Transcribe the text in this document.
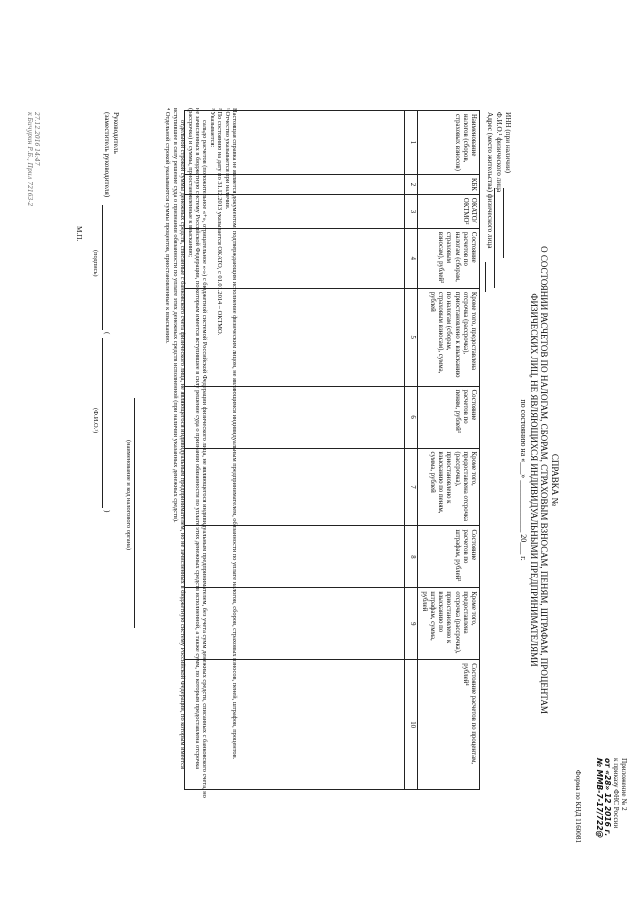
Приложение № 2
к приказу ФНС России
от «28» 12 2016 г.
№ ММВ-7-17/722@
Форма по КНД 1160081
СПРАВКА №
О СОСТОЯНИИ РАСЧЕТОВ ПО НАЛОГАМ, СБОРАМ, СТРАХОВЫМ ВЗНОСАМ, ПЕНЯМ, ШТРАФАМ, ПРОЦЕНТАМ
ФИЗИЧЕСКИХ ЛИЦ, НЕ ЯВЛЯЮЩИХСЯ ИНДИВИДУАЛЬНЫМИ ПРЕДПРИНИМАТЕЛЯМИ
по состоянию на «___» _____________ 20___ г.
ИНН (при наличии)
Ф.И.О.¹ физического лица
Адрес (место жительства) физического лица
Наименование налогов (сборов, страховых взносов)	КБК	ОКАТО/ ОКТМО²	Состояние расчетов по налогам (сборам, страховым взносам), рублей³	Кроме того, предоставлена отсрочка (рассрочка), приостановлено к взысканию по налогам (сборам, страховым взносам), сумма, рублей	Состояние расчетов по пеням, рублей³	Кроме того, предоставлена отсрочка (рассрочка), приостановлено к взысканию по пеням, сумма, рублей	Состояние расчетов по штрафам, рублей³	Кроме того, предоставлена отсрочка (рассрочка), приостановлено к взысканию по штрафам, сумма, рублей	Состояние расчетов по процентам, рублей⁴
1	2	3	4	5	6	7	8	9	10

Настоящая справка не является документом, подтверждающим исполнение физическим лицом, не являющимся индивидуальным предпринимателем, обязанности по уплате налогов, сборов, страховых взносов, пеней, штрафов, процентов.
¹ Отчество указывается при наличии.
² По состоянию на дату по 31.12.2013 указывается ОКАТО, с 01.01.2014 – ОКТМО.
³ Указывается:
сальдо расчетов (положительное «+», отрицательное «-») с бюджетной системой Российской Федерации физического лица, не являющегося индивидуальным предпринимателем, без учета сумм денежных средств, списанных с банковского счета, но не зачисленных в бюджетную систему Российской Федерации, по которым имеется вступившее в силу решение суда о признании обязанности по уплате этих денежных средств исполненной, а также сумм, по которым предоставлена отсрочка (рассрочка) и суммы, приостановленные к взысканию;
отдельной строкой суммы денежных средств, списанные с банковского счета физического лица, не являющегося индивидуальным предпринимателем, но не зачисленных в бюджетную систему Российской Федерации, по которым имеется вступившее в силу решение суда о признании обязанности по уплате этих денежных средств исполненной (при наличии указанных денежных средств).
⁴ Отдельной строкой указываются суммы процентов, приостановленные к взысканию.
(наименование и код налогового органа)
Руководитель
(заместитель руководителя)
(
)
(подпись)
(Ф.И.О.¹)
М.П.
27.12.2016 14:47
к Бичурин Р.Б., Прил 72163-2
